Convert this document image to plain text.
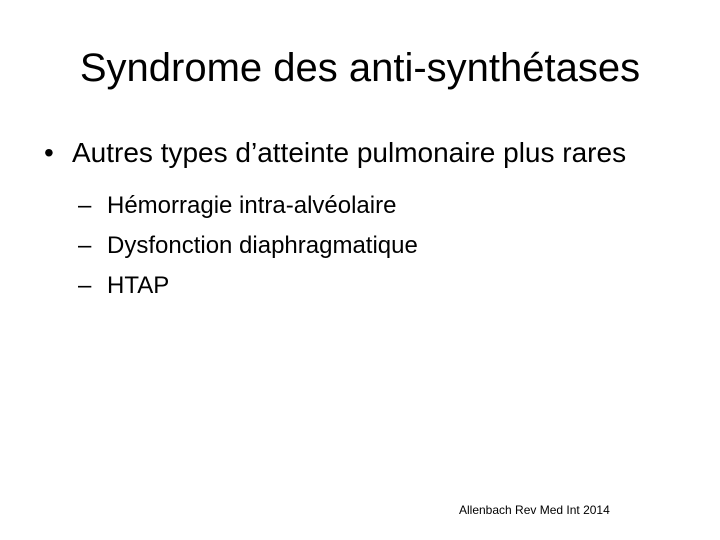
Syndrome des anti-synthétases
• Autres types d’atteinte pulmonaire plus rares
– Hémorragie intra-alvéolaire
– Dysfonction diaphragmatique
– HTAP
Allenbach Rev Med Int 2014
